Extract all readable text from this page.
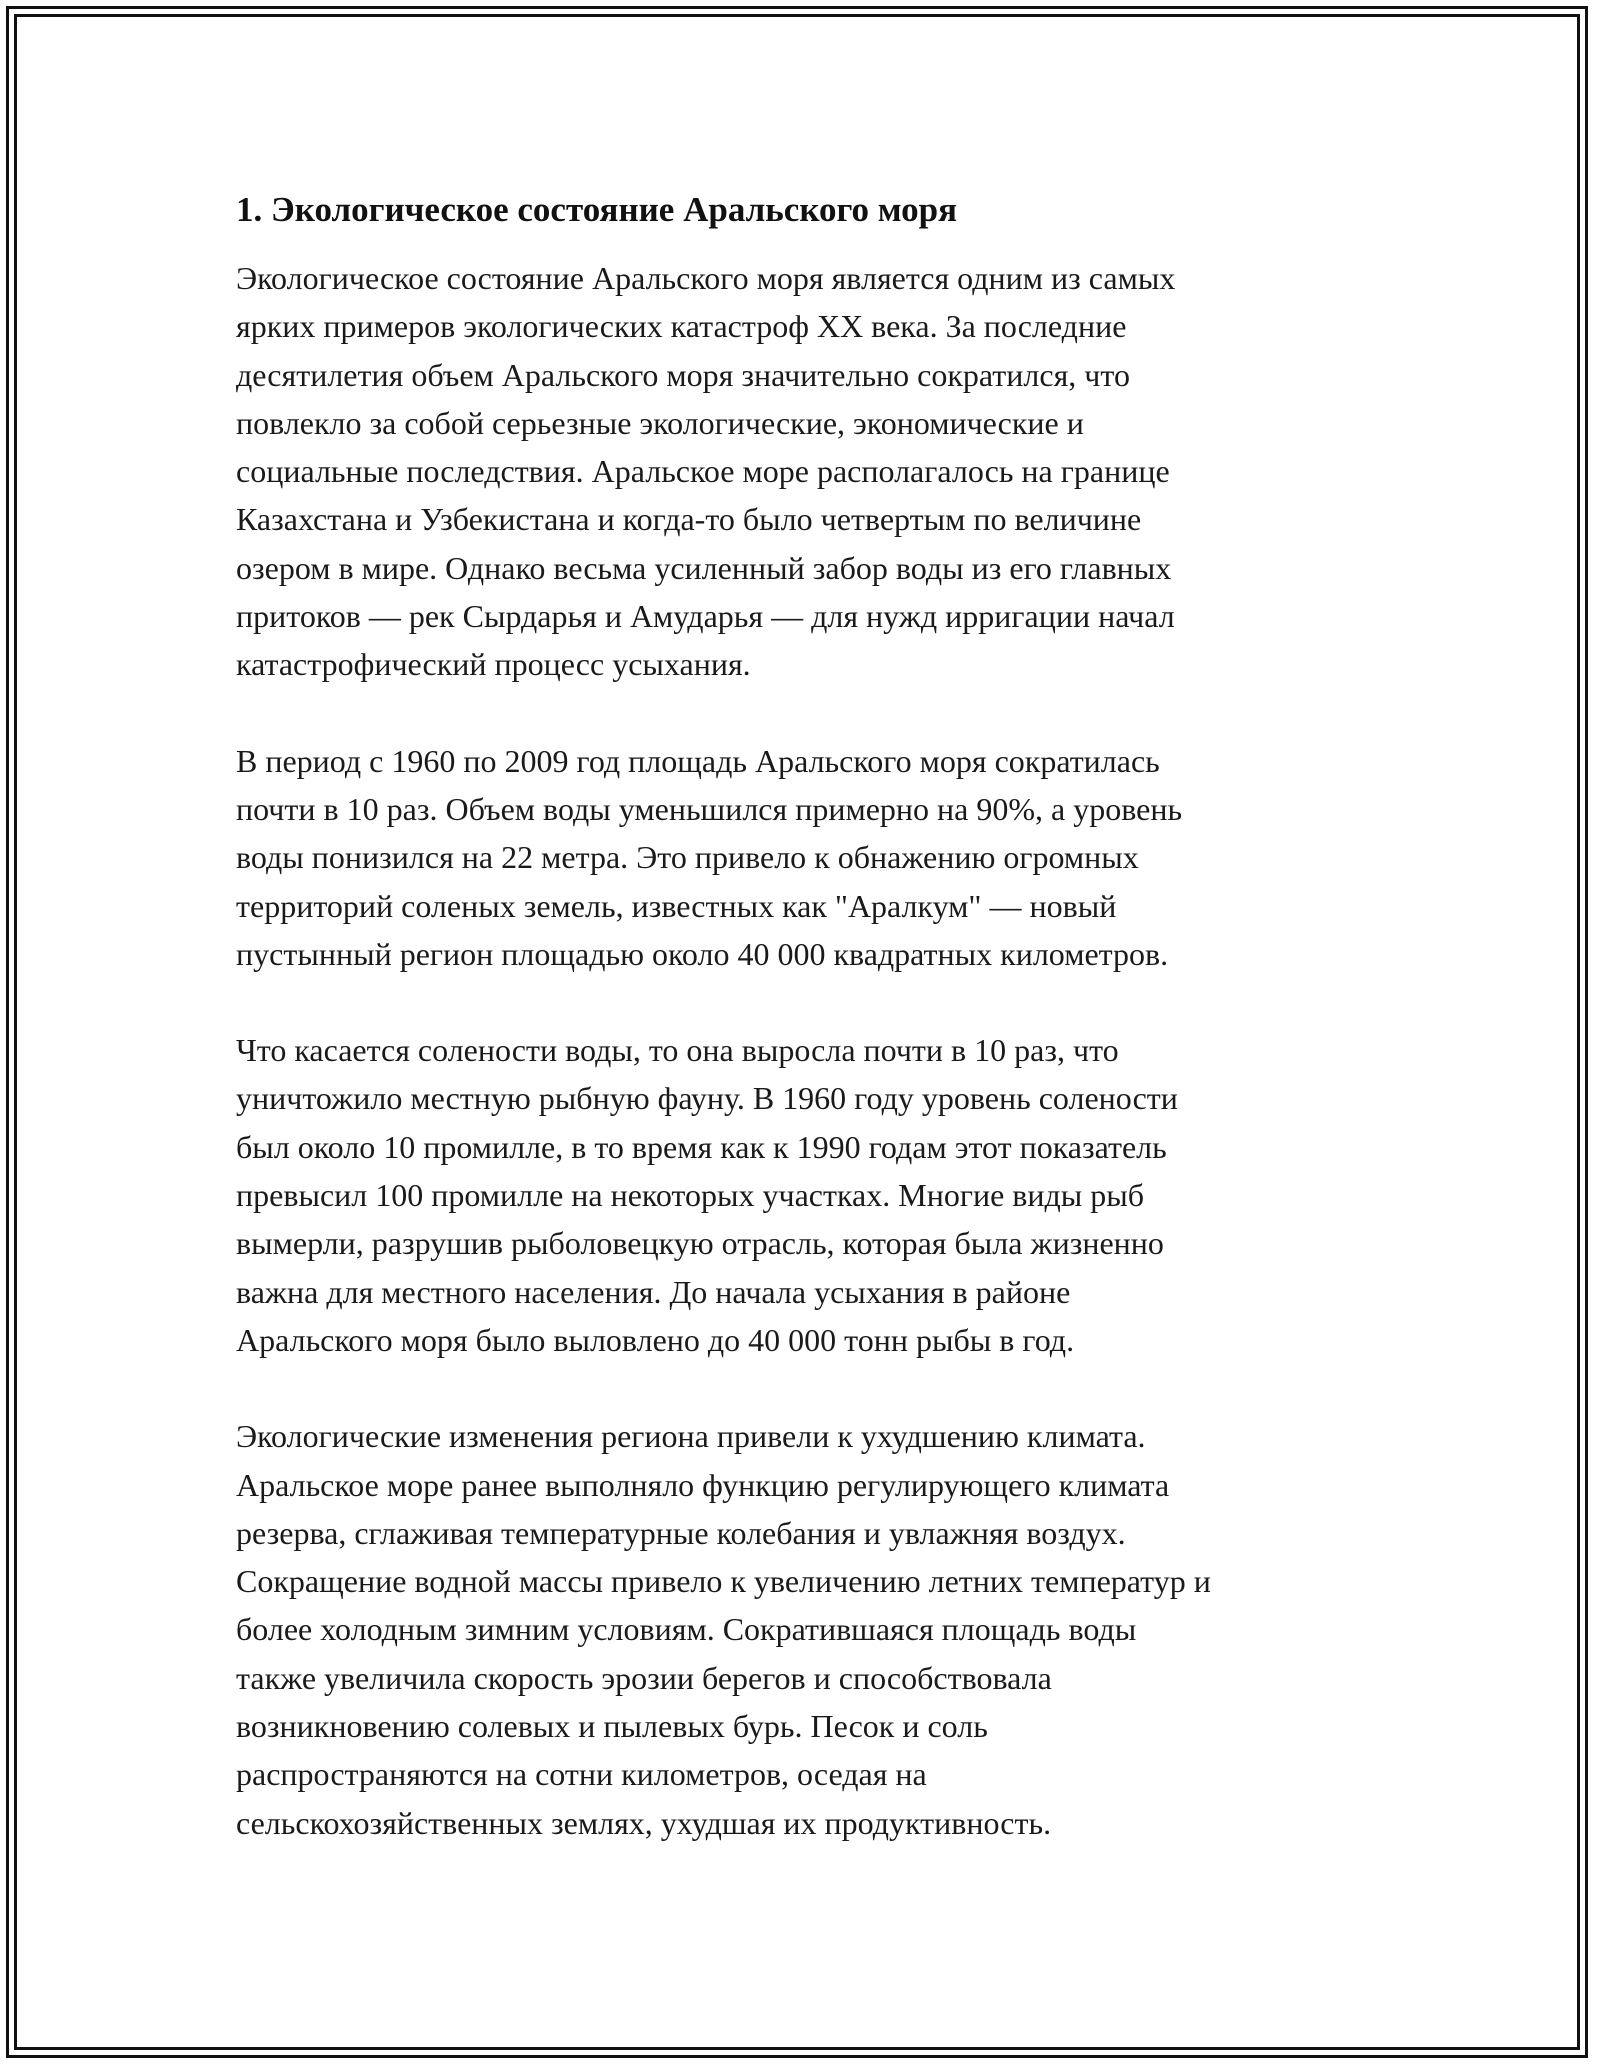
1. Экологическое состояние Аральского моря
Экологическое состояние Аральского моря является одним из самых
ярких примеров экологических катастроф XX века. За последние
десятилетия объем Аральского моря значительно сократился, что
повлекло за собой серьезные экологические, экономические и
социальные последствия. Аральское море располагалось на границе
Казахстана и Узбекистана и когда-то было четвертым по величине
озером в мире. Однако весьма усиленный забор воды из его главных
притоков — рек Сырдарья и Амударья — для нужд ирригации начал
катастрофический процесс усыхания.
В период с 1960 по 2009 год площадь Аральского моря сократилась
почти в 10 раз. Объем воды уменьшился примерно на 90%, а уровень
воды понизился на 22 метра. Это привело к обнажению огромных
территорий соленых земель, известных как "Аралкум" — новый
пустынный регион площадью около 40 000 квадратных километров.
Что касается солености воды, то она выросла почти в 10 раз, что
уничтожило местную рыбную фауну. В 1960 году уровень солености
был около 10 промилле, в то время как к 1990 годам этот показатель
превысил 100 промилле на некоторых участках. Многие виды рыб
вымерли, разрушив рыболовецкую отрасль, которая была жизненно
важна для местного населения. До начала усыхания в районе
Аральского моря было выловлено до 40 000 тонн рыбы в год.
Экологические изменения региона привели к ухудшению климата.
Аральское море ранее выполняло функцию регулирующего климата
резерва, сглаживая температурные колебания и увлажняя воздух.
Сокращение водной массы привело к увеличению летних температур и
более холодным зимним условиям. Сократившаяся площадь воды
также увеличила скорость эрозии берегов и способствовала
возникновению солевых и пылевых бурь. Песок и соль
распространяются на сотни километров, оседая на
сельскохозяйственных землях, ухудшая их продуктивность.
